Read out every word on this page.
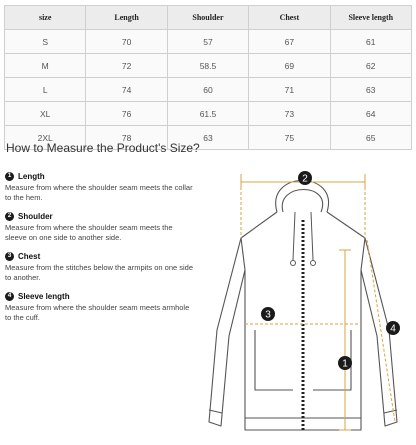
size	Length	Shoulder	Chest	Sleeve length
S	70	57	67	61
M	72	58.5	69	62
L	74	60	71	63
XL	76	61.5	73	64
2XL	78	63	75	65
How to Measure the Product's Size?
1 Length
Measure from where the shoulder seam meets the collar to the hem.
2 Shoulder
Measure from where the shoulder seam meets the sleeve on one side to another side.
3 Chest
Measure from the stitches below the armpits on one side to another.
4 Sleeve length
Measure from where the shoulder seam meets armhole to the cuff.
1
2
3
4
